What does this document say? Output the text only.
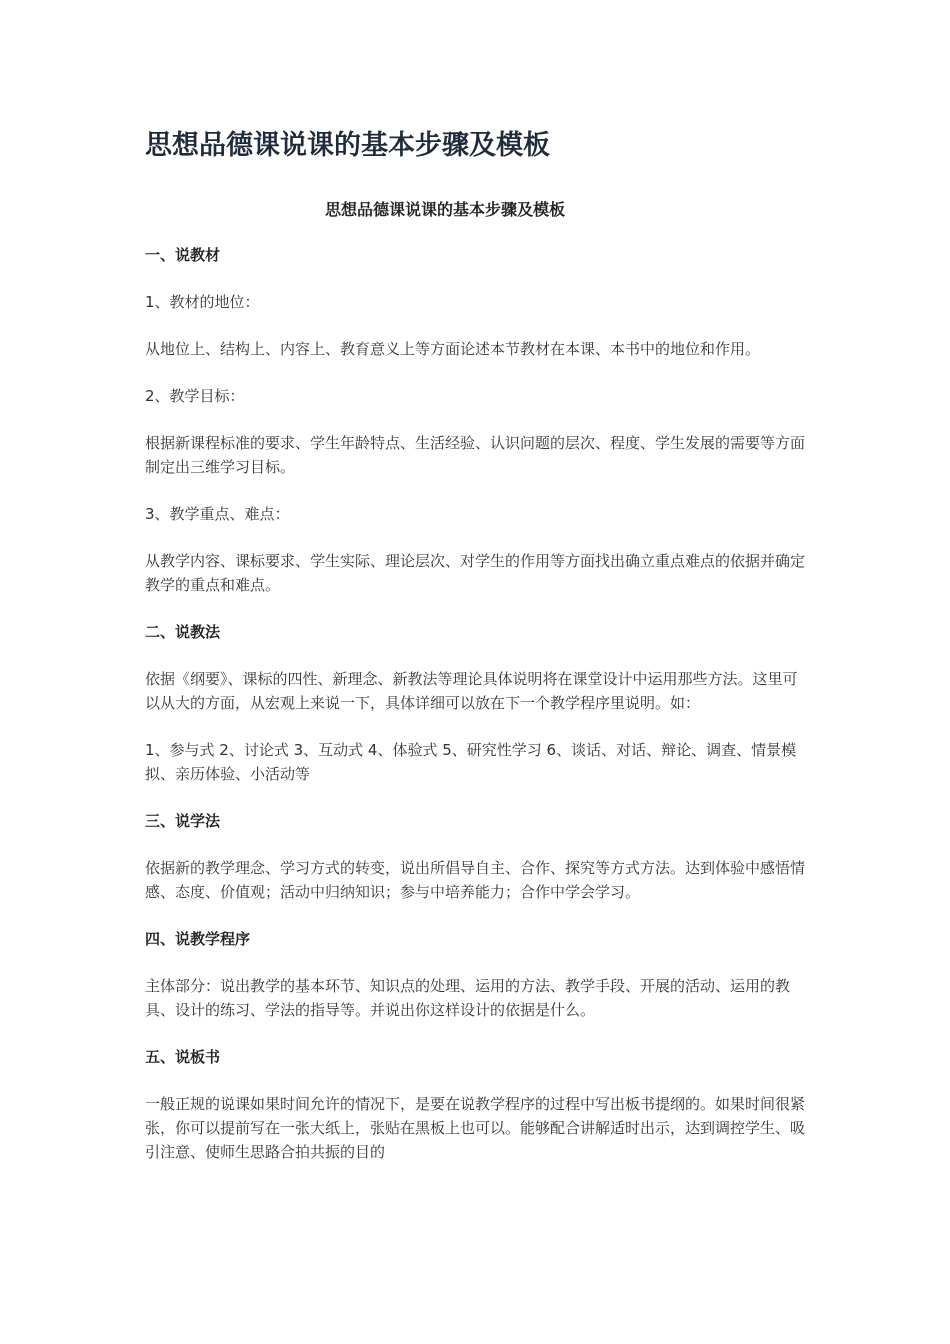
思想品德课说课的基本步骤及模板
思想品德课说课的基本步骤及模板

一、说教材

1、教材的地位：

从地位上、结构上、内容上、教育意义上等方面论述本节教材在本课、本书中的地位和作用。

2、教学目标：

根据新课程标准的要求、学生年龄特点、生活经验、认识问题的层次、程度、学生发展的需要等方面制定出三维学习目标。

3、教学重点、难点：

从教学内容、课标要求、学生实际、理论层次、对学生的作用等方面找出确立重点难点的依据并确定教学的重点和难点。

二、说教法

依据《纲要》、课标的四性、新理念、新教法等理论具体说明将在课堂设计中运用那些方法。这里可以从大的方面，从宏观上来说一下，具体详细可以放在下一个教学程序里说明。如：

1、参与式 2、讨论式 3、互动式 4、体验式 5、研究性学习 6、谈话、对话、辩论、调查、情景模拟、亲历体验、小活动等

三、说学法

依据新的教学理念、学习方式的转变，说出所倡导自主、合作、探究等方式方法。达到体验中感悟情感、态度、价值观；活动中归纳知识；参与中培养能力；合作中学会学习。

四、说教学程序

主体部分：说出教学的基本环节、知识点的处理、运用的方法、教学手段、开展的活动、运用的教具、设计的练习、学法的指导等。并说出你这样设计的依据是什么。

五、说板书

一般正规的说课如果时间允许的情况下，是要在说教学程序的过程中写出板书提纲的。如果时间很紧张，你可以提前写在一张大纸上，张贴在黑板上也可以。能够配合讲解适时出示，达到调控学生、吸引注意、使师生思路合拍共振的目的
